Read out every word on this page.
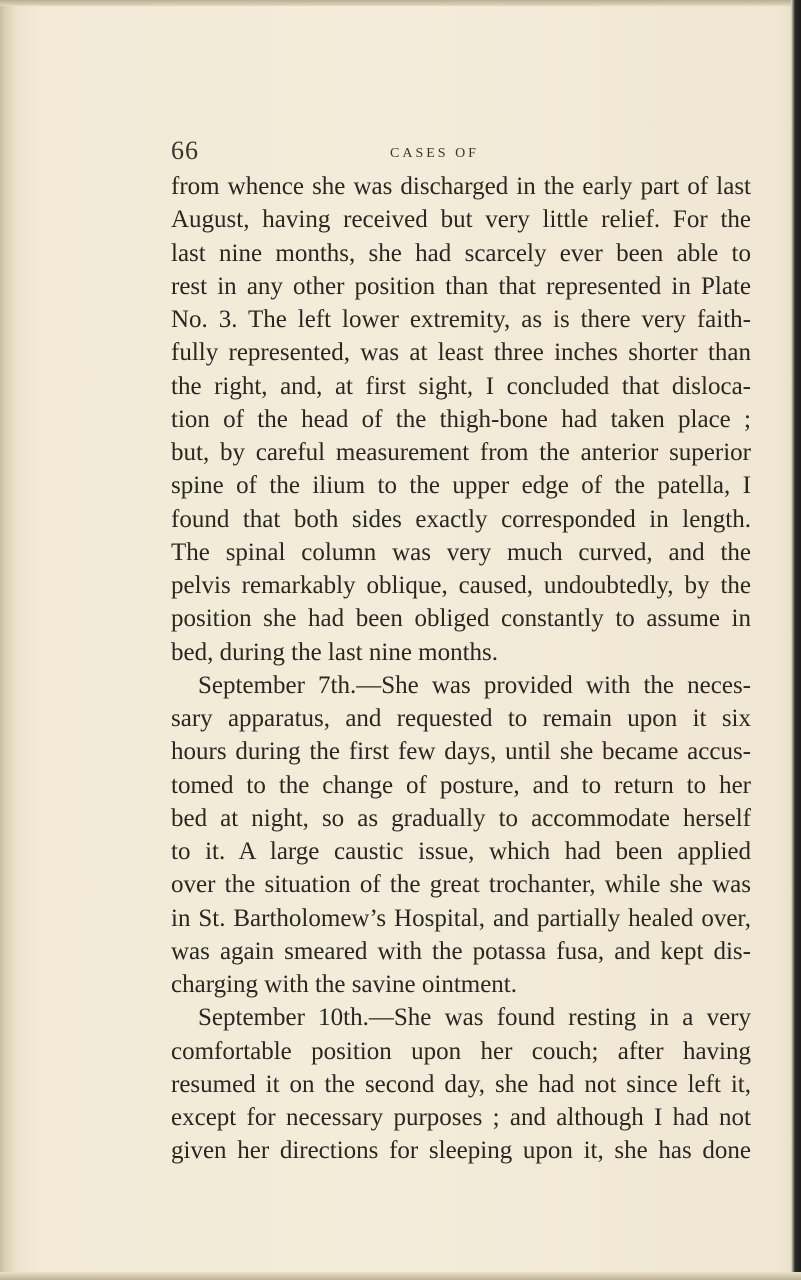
66	CASES OF
from whence she was discharged in the early part of last
August, having received but very little relief. For the
last nine months, she had scarcely ever been able to
rest in any other position than that represented in Plate
No. 3. The left lower extremity, as is there very faith-
fully represented, was at least three inches shorter than
the right, and, at first sight, I concluded that disloca-
tion of the head of the thigh-bone had taken place ;
but, by careful measurement from the anterior superior
spine of the ilium to the upper edge of the patella, I
found that both sides exactly corresponded in length.
The spinal column was very much curved, and the
pelvis remarkably oblique, caused, undoubtedly, by the
position she had been obliged constantly to assume in
bed, during the last nine months.
September 7th.—She was provided with the neces-
sary apparatus, and requested to remain upon it six
hours during the first few days, until she became accus-
tomed to the change of posture, and to return to her
bed at night, so as gradually to accommodate herself
to it. A large caustic issue, which had been applied
over the situation of the great trochanter, while she was
in St. Bartholomew’s Hospital, and partially healed over,
was again smeared with the potassa fusa, and kept dis-
charging with the savine ointment.
September 10th.—She was found resting in a very
comfortable position upon her couch; after having
resumed it on the second day, she had not since left it,
except for necessary purposes ; and although I had not
given her directions for sleeping upon it, she has done
